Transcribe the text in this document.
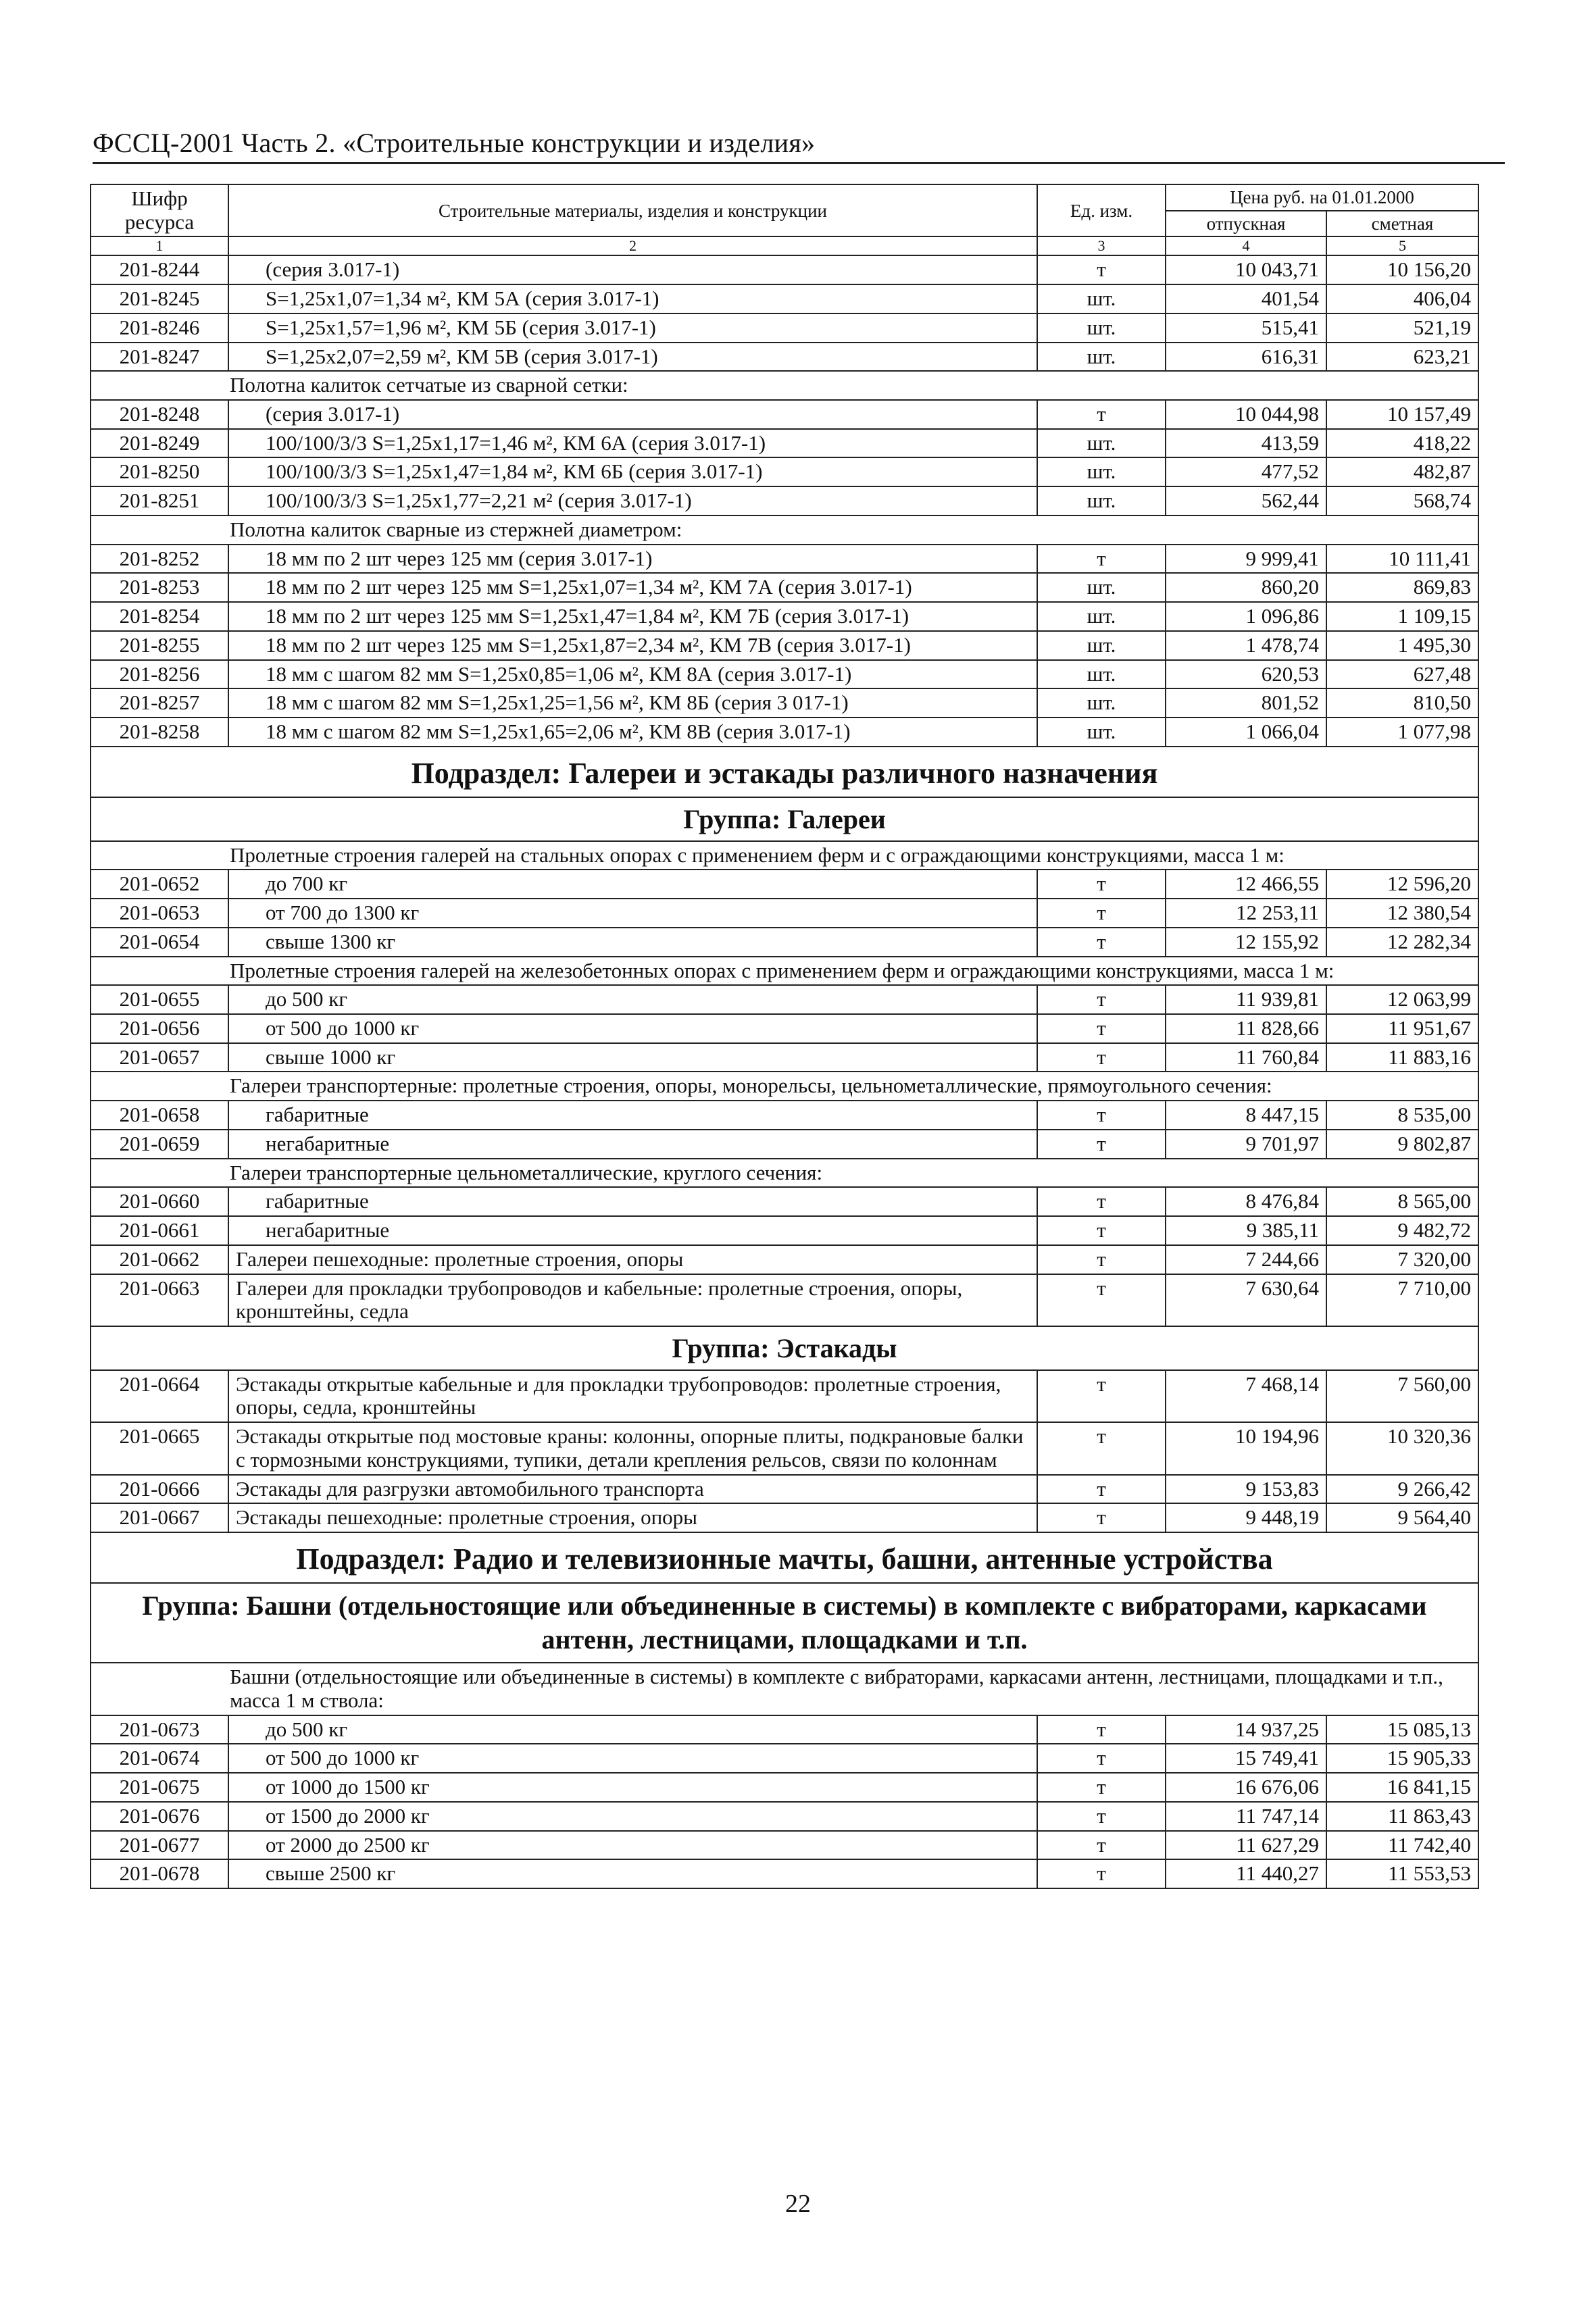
ФССЦ-2001 Часть 2. «Строительные конструкции и изделия»
Шифр ресурса	Строительные материалы, изделия и конструкции	Ед. изм.	Цена руб. на 01.01.2000	
			отпускная	сметная
1	2	3	4	5
201-8244	(серия 3.017-1)	т	10 043,71	10 156,20
201-8245	S=1,25x1,07=1,34 м², КМ 5А (серия 3.017-1)	шт.	401,54	406,04
201-8246	S=1,25x1,57=1,96 м², КМ 5Б (серия 3.017-1)	шт.	515,41	521,19
201-8247	S=1,25x2,07=2,59 м², КМ 5В (серия 3.017-1)	шт.	616,31	623,21
Полотна калиток сетчатые из сварной сетки:				
201-8248	(серия 3.017-1)	т	10 044,98	10 157,49
201-8249	100/100/3/3 S=1,25x1,17=1,46 м², КМ 6А (серия 3.017-1)	шт.	413,59	418,22
201-8250	100/100/3/3 S=1,25x1,47=1,84 м², КМ 6Б (серия 3.017-1)	шт.	477,52	482,87
201-8251	100/100/3/3 S=1,25x1,77=2,21 м² (серия 3.017-1)	шт.	562,44	568,74
Полотна калиток сварные из стержней диаметром:				
201-8252	18 мм по 2 шт через 125 мм (серия 3.017-1)	т	9 999,41	10 111,41
201-8253	18 мм по 2 шт через 125 мм S=1,25x1,07=1,34 м², КМ 7А (серия 3.017-1)	шт.	860,20	869,83
201-8254	18 мм по 2 шт через 125 мм S=1,25x1,47=1,84 м², КМ 7Б (серия 3.017-1)	шт.	1 096,86	1 109,15
201-8255	18 мм по 2 шт через 125 мм S=1,25x1,87=2,34 м², КМ 7В (серия 3.017-1)	шт.	1 478,74	1 495,30
201-8256	18 мм с шагом 82 мм S=1,25x0,85=1,06 м², КМ 8А (серия 3.017-1)	шт.	620,53	627,48
201-8257	18 мм с шагом 82 мм S=1,25x1,25=1,56 м², КМ 8Б (серия 3 017-1)	шт.	801,52	810,50
201-8258	18 мм с шагом 82 мм S=1,25x1,65=2,06 м², КМ 8В (серия 3.017-1)	шт.	1 066,04	1 077,98
Подраздел: Галереи и эстакады различного назначения				
Группа: Галереи				
Пролетные строения галерей на стальных опорах с применением ферм и с ограждающими конструкциями, масса 1 м:				
201-0652	до 700 кг	т	12 466,55	12 596,20
201-0653	от 700 до 1300 кг	т	12 253,11	12 380,54
201-0654	свыше 1300 кг	т	12 155,92	12 282,34
Пролетные строения галерей на железобетонных опорах с применением ферм и ограждающими конструкциями, масса 1 м:				
201-0655	до 500 кг	т	11 939,81	12 063,99
201-0656	от 500 до 1000 кг	т	11 828,66	11 951,67
201-0657	свыше 1000 кг	т	11 760,84	11 883,16
Галереи транспортерные: пролетные строения, опоры, монорельсы, цельнометаллические, прямоугольного сечения:				
201-0658	габаритные	т	8 447,15	8 535,00
201-0659	негабаритные	т	9 701,97	9 802,87
Галереи транспортерные цельнометаллические, круглого сечения:				
201-0660	габаритные	т	8 476,84	8 565,00
201-0661	негабаритные	т	9 385,11	9 482,72
201-0662	Галереи пешеходные: пролетные строения, опоры	т	7 244,66	7 320,00
201-0663	Галереи для прокладки трубопроводов и кабельные: пролетные строения, опоры, кронштейны, седла	т	7 630,64	7 710,00
Группа: Эстакады				
201-0664	Эстакады открытые кабельные и для прокладки трубопроводов: пролетные строения, опоры, седла, кронштейны	т	7 468,14	7 560,00
201-0665	Эстакады открытые под мостовые краны: колонны, опорные плиты, подкрановые балки с тормозными конструкциями, тупики, детали крепления рельсов, связи по колоннам	т	10 194,96	10 320,36
201-0666	Эстакады для разгрузки автомобильного транспорта	т	9 153,83	9 266,42
201-0667	Эстакады пешеходные: пролетные строения, опоры	т	9 448,19	9 564,40
Подраздел: Радио и телевизионные мачты, башни, антенные устройства				
Группа: Башни (отдельностоящие или объединенные в системы) в комплекте с вибраторами, каркасами антенн, лестницами, площадками и т.п.				
Башни (отдельностоящие или объединенные в системы) в комплекте с вибраторами, каркасами антенн, лестницами, площадками и т.п., масса 1 м ствола:				
201-0673	до 500 кг	т	14 937,25	15 085,13
201-0674	от 500 до 1000 кг	т	15 749,41	15 905,33
201-0675	от 1000 до 1500 кг	т	16 676,06	16 841,15
201-0676	от 1500 до 2000 кг	т	11 747,14	11 863,43
201-0677	от 2000 до 2500 кг	т	11 627,29	11 742,40
201-0678	свыше 2500 кг	т	11 440,27	11 553,53
22
